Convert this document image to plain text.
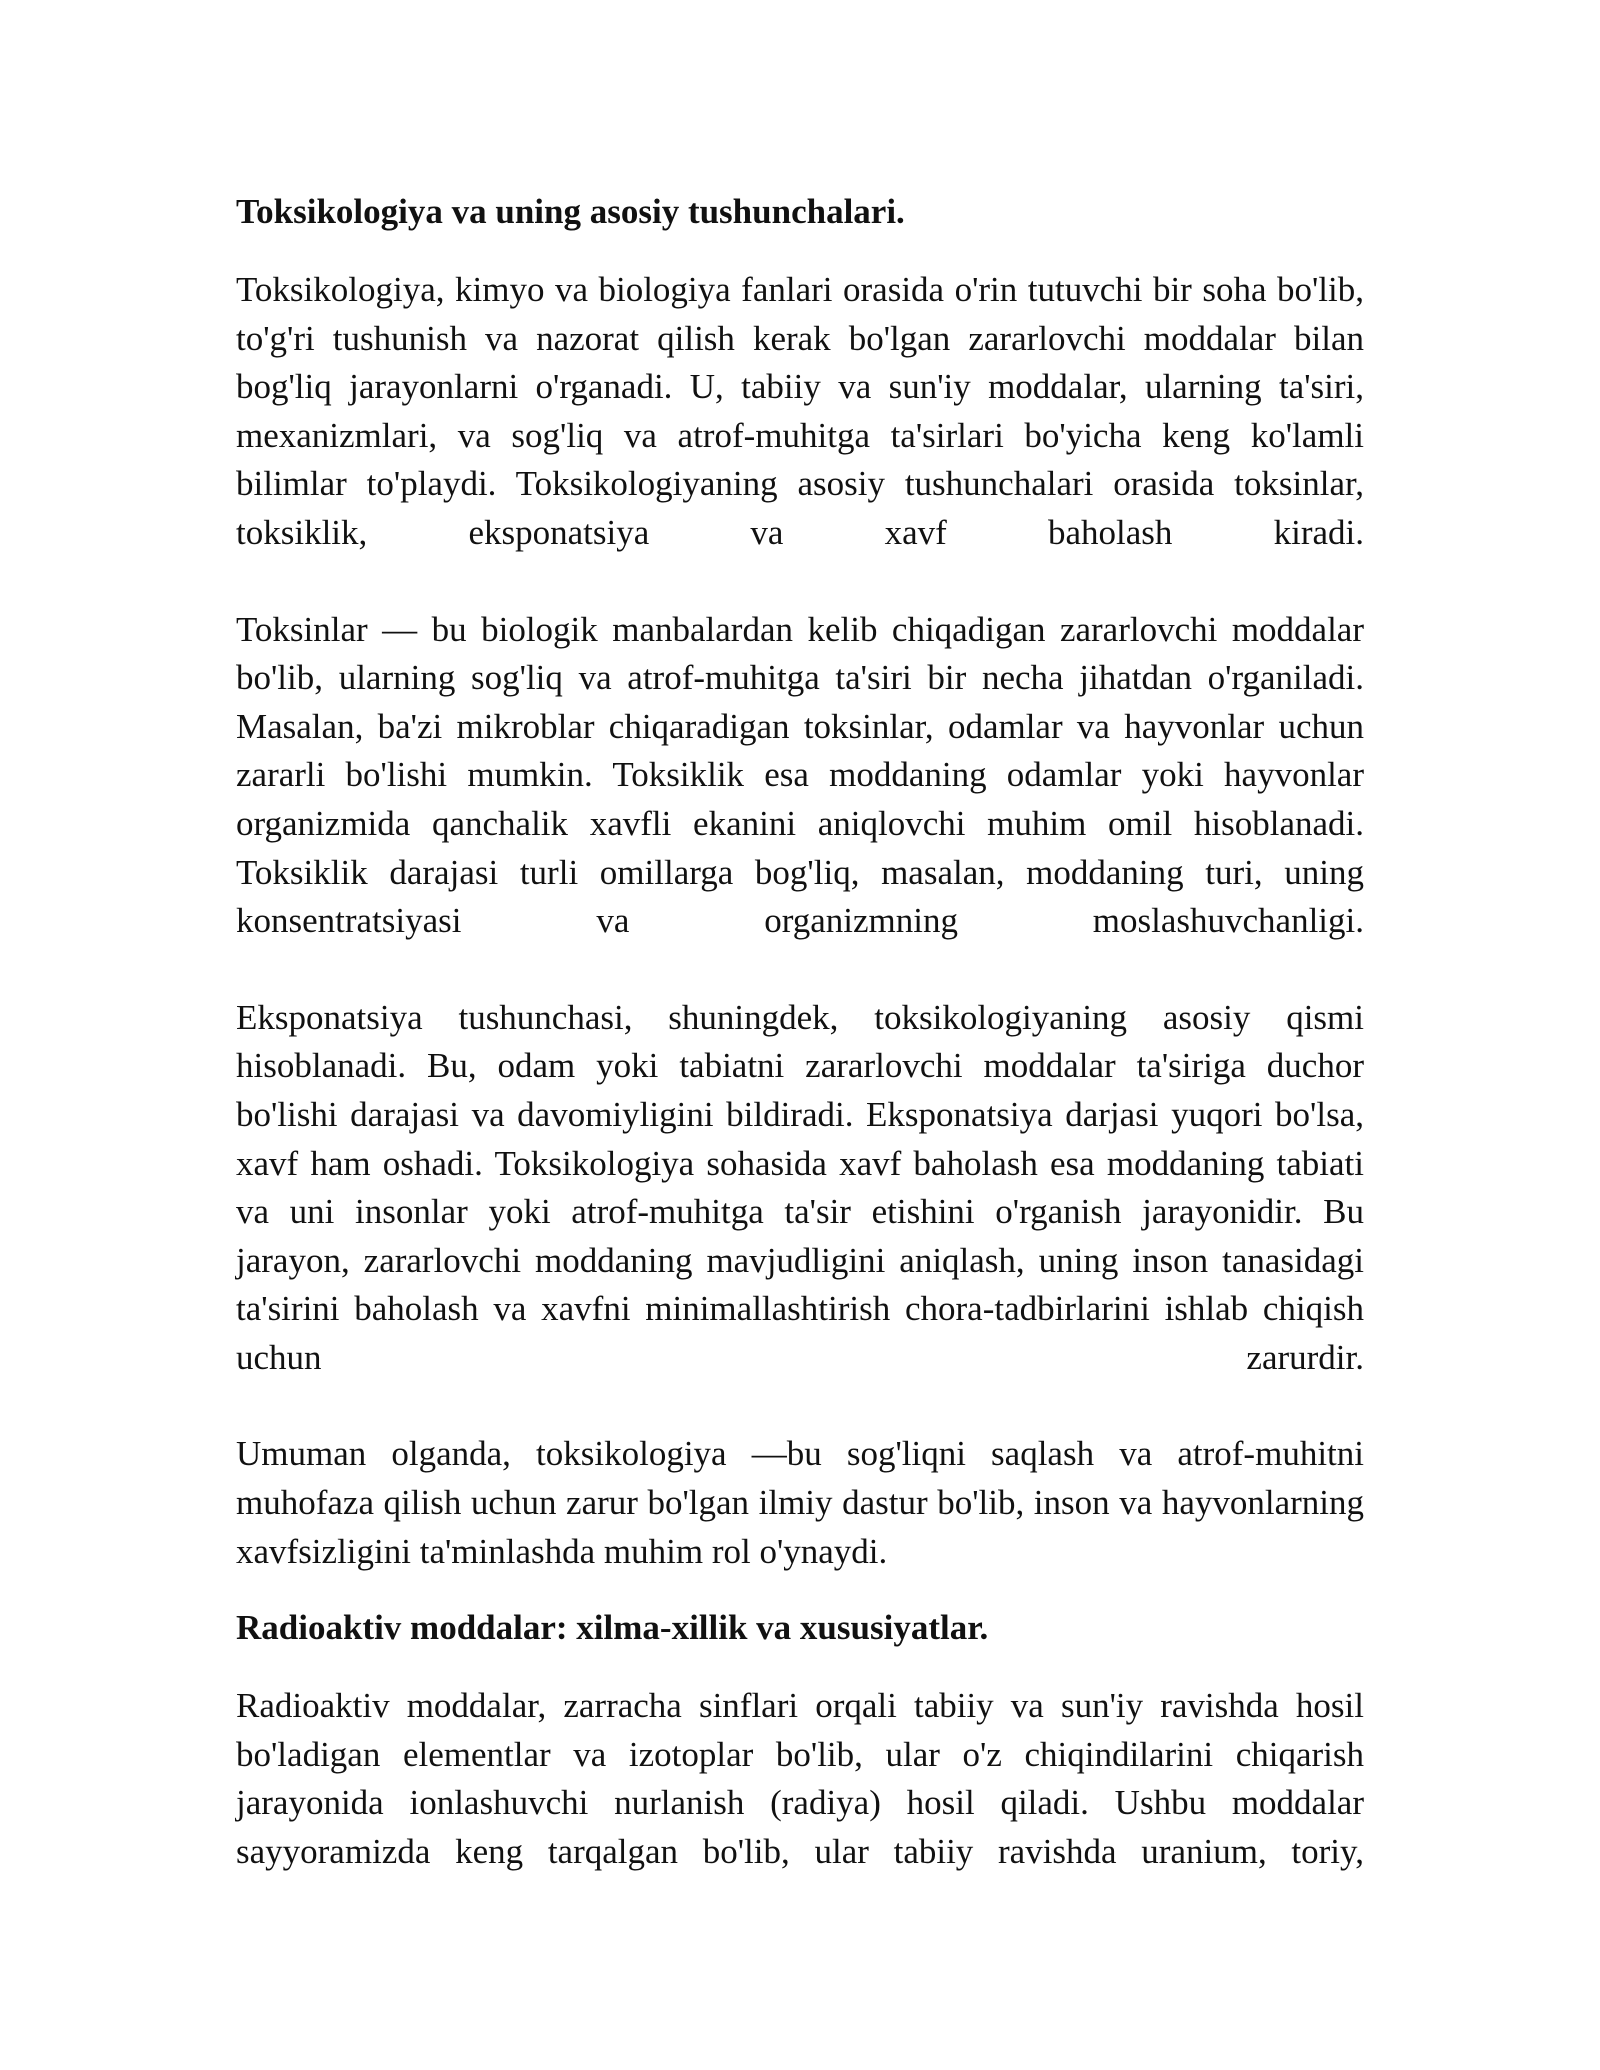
Toksikologiya va uning asosiy tushunchalari.

Toksikologiya, kimyo va biologiya fanlari orasida o'rin tutuvchi bir soha bo'lib, to'g'ri tushunish va nazorat qilish kerak bo'lgan zararlovchi moddalar bilan bog'liq jarayonlarni o'rganadi. U, tabiiy va sun'iy moddalar, ularning ta'siri, mexanizmlari, va sog'liq va atrof-muhitga ta'sirlari bo'yicha keng ko'lamli bilimlar to'playdi. Toksikologiyaning asosiy tushunchalari orasida toksinlar, toksiklik, eksponatsiya va xavf baholash kiradi.

Toksinlar — bu biologik manbalardan kelib chiqadigan zararlovchi moddalar bo'lib, ularning sog'liq va atrof-muhitga ta'siri bir necha jihatdan o'rganiladi. Masalan, ba'zi mikroblar chiqaradigan toksinlar, odamlar va hayvonlar uchun zararli bo'lishi mumkin. Toksiklik esa moddaning odamlar yoki hayvonlar organizmida qanchalik xavfli ekanini aniqlovchi muhim omil hisoblanadi. Toksiklik darajasi turli omillarga bog'liq, masalan, moddaning turi, uning konsentratsiyasi va organizmning moslashuvchanligi.

Eksponatsiya tushunchasi, shuningdek, toksikologiyaning asosiy qismi hisoblanadi. Bu, odam yoki tabiatni zararlovchi moddalar ta'siriga duchor bo'lishi darajasi va davomiyligini bildiradi. Eksponatsiya darjasi yuqori bo'lsa, xavf ham oshadi. Toksikologiya sohasida xavf baholash esa moddaning tabiati va uni insonlar yoki atrof-muhitga ta'sir etishini o'rganish jarayonidir. Bu jarayon, zararlovchi moddaning mavjudligini aniqlash, uning inson tanasidagi ta'sirini baholash va xavfni minimallashtirish chora-tadbirlarini ishlab chiqish uchun zarurdir.

Umuman olganda, toksikologiya —bu sog'liqni saqlash va atrof-muhitni muhofaza qilish uchun zarur bo'lgan ilmiy dastur bo'lib, inson va hayvonlarning xavfsizligini ta'minlashda muhim rol o'ynaydi.

Radioaktiv moddalar: xilma-xillik va xususiyatlar.

Radioaktiv moddalar, zarracha sinflari orqali tabiiy va sun'iy ravishda hosil bo'ladigan elementlar va izotoplar bo'lib, ular o'z chiqindilarini chiqarish jarayonida ionlashuvchi nurlanish (radiya) hosil qiladi. Ushbu moddalar sayyoramizda keng tarqalgan bo'lib, ular tabiiy ravishda uranium, toriy,
